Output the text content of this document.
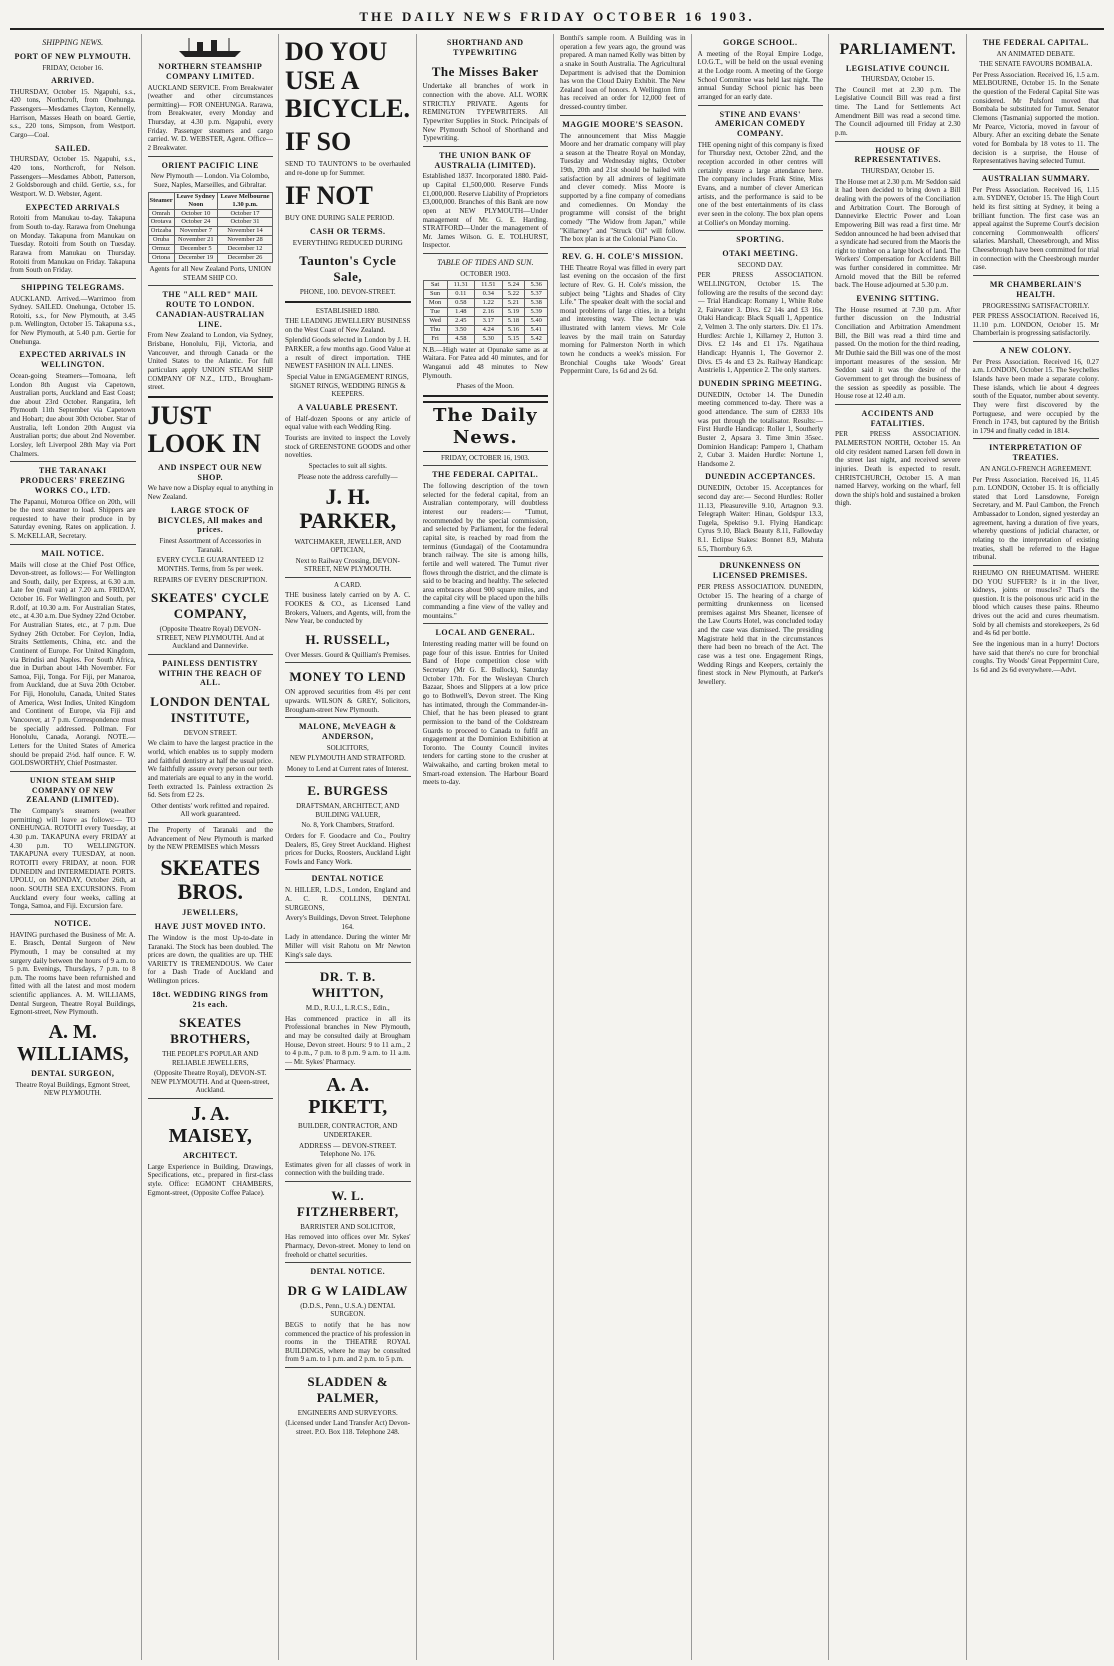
THE DAILY NEWS FRIDAY OCTOBER 16 1903.
SHIPPING NEWS.
PORT OF NEW PLYMOUTH.
FRIDAY, October 16.
ARRIVED.

THURSDAY, October 15. Ngapuhi, s.s., 420 tons, Northcroft, from Onehunga. Passengers—Mesdames Clayton, Kennelly, Harrison, Masses Heath on board. Gertie, s.s., 220 tons, Simpson, from Westport. Cargo—Coal.

SAILED.

THURSDAY, October 15. Ngapuhi, s.s., 420 tons, Northcroft, for Nelson. Passengers—Mesdames Abbott, Patterson, 2 Goldsborough and child. Gertie, s.s., for Westport. W. D. Webster, Agent.

EXPECTED ARRIVALS

Rotoiti from Manukau to-day. Takapuna from South to-day. Rarawa from Onehunga on Monday. Takapuna from Manukau on Tuesday. Rotoiti from South on Tuesday. Rarawa from Manukau on Thursday. Rotoiti from Manukau on Friday. Takapuna from South on Friday.

SHIPPING TELEGRAMS.

AUCKLAND. Arrived.—Warrimoo from Sydney. SAILED. Onehunga, October 15. Rotoiti, s.s., for New Plymouth, at 3.45 p.m. Wellington, October 15. Takapuna s.s., for New Plymouth, at 5.40 p.m. Gertie for Onehunga.

EXPECTED ARRIVALS IN WELLINGTON.

Ocean-going Steamers—Tomoana, left London 8th August via Capetown, Australian ports, Auckland and East Coast; due about 23rd October. Rangatira, left Plymouth 11th September via Capetown and Hobart; due about 30th October. Star of Australia, left London 20th August via Australian ports; due about 2nd November. Lorsley, left Liverpool 28th May via Port Chalmers.

THE TARANAKI PRODUCERS' FREEZING WORKS CO., LTD.

The Papanui, Moturoa Office on 20th, will be the next steamer to load. Shippers are requested to have their produce in by Saturday evening. Rates on application. J. S. McKELLAR, Secretary.

MAIL NOTICE.

Mails will close at the Chief Post Office, Devon-street, as follows:— For Wellington and South, daily, per Express, at 6.30 a.m. Late fee (mail van) at 7.20 a.m. FRIDAY, October 16. For Wellington and South, per R.dolf, at 10.30 a.m. For Australian States, etc., at 4.30 a.m. Due Sydney 22nd October. For Australian States, etc., at 7 p.m. Due Sydney 26th October. For Ceylon, India, Straits Settlements, China, etc. and the Continent of Europe. For United Kingdom, via Brindisi and Naples. For South Africa, due in Durban about 14th November. For Samoa, Fiji, Tonga. For Fiji, per Manaroa, from Auckland, due at Suva 20th October. For Fiji, Honolulu, Canada, United States of America, West Indies, United Kingdom and Continent of Europe, via Fiji and Vancouver, at 7 p.m. Correspondence must be specially addressed. Pollman. For Honolulu, Canada, Aorangi. NOTE.—Letters for the United States of America should be prepaid 2½d. half ounce. F. W. GOLDSWORTHY, Chief Postmaster.

UNION STEAM SHIP COMPANY OF NEW ZEALAND (LIMITED).

The Company's steamers (weather permitting) will leave as follows:— TO ONEHUNGA. ROTOITI every Tuesday, at 4.30 p.m. TAKAPUNA every FRIDAY at 4.30 p.m. TO WELLINGTON. TAKAPUNA every TUESDAY, at noon. ROTOITI every FRIDAY, at noon. FOR DUNEDIN and INTERMEDIATE PORTS. UPOLU, on MONDAY, October 26th, at noon. SOUTH SEA EXCURSIONS. From Auckland every four weeks, calling at Tonga, Samoa, and Fiji. Excursion fare.

NOTICE.

HAVING purchased the Business of Mr. A. E. Brasch, Dental Surgeon of New Plymouth, I may be consulted at my surgery daily between the hours of 9 a.m. to 5 p.m. Evenings, Thursdays, 7 p.m. to 8 p.m. The rooms have been refurnished and fitted with all the latest and most modern scientific appliances. A. M. WILLIAMS, Dental Surgeon, Theatre Royal Buildings, Egmont-street, New Plymouth.

A. M. WILLIAMS,
DENTAL SURGEON,
Theatre Royal Buildings, Egmont Street, NEW PLYMOUTH.
NORTHERN STEAMSHIP COMPANY LIMITED.

AUCKLAND SERVICE. From Breakwater (weather and other circumstances permitting)— FOR ONEHUNGA. Rarawa, from Breakwater, every Monday and Thursday, at 4.30 p.m. Ngapuhi, every Friday. Passenger steamers and cargo carried. W. D. WEBSTER, Agent. Office—2 Breakwater.

ORIENT PACIFIC LINE

New Plymouth — London. Via Colombo, Suez, Naples, Marseilles, and Gibraltar.

Steamer	Leave Sydney Noon	Leave Melbourne 1.30 p.m.
Omrah	October 10	October 17
Orotava	October 24	October 31
Orizaba	November 7	November 14
Oruba	November 21	November 28
Ormuz	December 5	December 12
Ortona	December 19	December 26

Agents for all New Zealand Ports, UNION STEAM SHIP CO.

THE "ALL RED" MAIL ROUTE TO LONDON. CANADIAN-AUSTRALIAN LINE.

From New Zealand to London, via Sydney, Brisbane, Honolulu, Fiji, Victoria, and Vancouver, and through Canada or the United States to the Atlantic. For full particulars apply UNION STEAM SHIP COMPANY OF N.Z., LTD., Brougham-street.

JUST LOOK IN
AND INSPECT OUR NEW SHOP.

We have now a Display equal to anything in New Zealand.

LARGE STOCK OF BICYCLES, All makes and prices.

Finest Assortment of Accessories in Taranaki.

EVERY CYCLE GUARANTEED 12 MONTHS. Terms, from 5s per week.

REPAIRS OF EVERY DESCRIPTION.

SKEATES' CYCLE COMPANY,

(Opposite Theatre Royal) DEVON-STREET, NEW PLYMOUTH. And at Auckland and Dannevirke.

PAINLESS DENTISTRY WITHIN THE REACH OF ALL.
LONDON DENTAL INSTITUTE,
DEVON STREET.

We claim to have the largest practice in the world, which enables us to supply modern and faithful dentistry at half the usual price. We faithfully assure every person our teeth and materials are equal to any in the world. Teeth extracted 1s. Painless extraction 2s 6d. Sets from £2 2s.

Other dentists' work refitted and repaired. All work guaranteed.

The Property of Taranaki and the Advancement of New Plymouth is marked by the NEW PREMISES which Messrs

SKEATES BROS.
JEWELLERS,
HAVE JUST MOVED INTO.

The Window is the most Up-to-date in Taranaki. The Stock has been doubled. The prices are down, the qualities are up. THE VARIETY IS TREMENDOUS. We Cater for a Dash Trade of Auckland and Wellington prices.

18ct. WEDDING RINGS from 21s each.
SKEATES BROTHERS,
THE PEOPLE'S POPULAR AND RELIABLE JEWELLERS,

(Opposite Theatre Royal), DEVON-ST. NEW PLYMOUTH. And at Queen-street, Auckland.

J. A. MAISEY,
ARCHITECT.

Large Experience in Building, Drawings, Specifications, etc., prepared in first-class style. Office: EGMONT CHAMBERS, Egmont-street, (Opposite Coffee Palace).

DO YOU USE A BICYCLE.
IF SO

SEND TO TAUNTON'S to be overhauled and re-done up for Summer.

IF NOT

BUY ONE DURING SALE PERIOD.

CASH OR TERMS.

EVERYTHING REDUCED DURING

Taunton's Cycle Sale,

PHONE, 100. DEVON-STREET.

ESTABLISHED 1880.

THE LEADING JEWELLERY BUSINESS on the West Coast of New Zealand.

Splendid Goods selected in London by J. H. PARKER, a few months ago. Good Value at a result of direct importation. THE NEWEST FASHION IN ALL LINES.

Special Value in ENGAGEMENT RINGS, SIGNET RINGS, WEDDING RINGS & KEEPERS.

A VALUABLE PRESENT.

of Half-dozen Spoons or any article of equal value with each Wedding Ring.

Tourists are invited to inspect the Lovely stock of GREENSTONE GOODS and other novelties.

Spectacles to suit all sights.

Please note the address carefully—

J. H. PARKER,
WATCHMAKER, JEWELLER, AND OPTICIAN,

Next to Railway Crossing, DEVON-STREET, NEW PLYMOUTH.

A CARD.

THE business lately carried on by A. C. FOOKES & CO., as Licensed Land Brokers, Valuers, and Agents, will, from the New Year, be conducted by

H. RUSSELL,

Over Messrs. Gourd & Quilliam's Premises.

MONEY TO LEND

ON approved securities from 4½ per cent upwards. WILSON & GREY, Solicitors, Brougham-street New Plymouth.

MALONE, McVEAGH & ANDERSON,
SOLICITORS,
NEW PLYMOUTH AND STRATFORD.

Money to Lend at Current rates of Interest.

E. BURGESS
DRAFTSMAN, ARCHITECT, AND BUILDING VALUER,
No. 8, York Chambers, Stratford.

Orders for F. Goodacre and Co., Poultry Dealers, 85, Grey Street Auckland. Highest prices for Ducks, Roosters, Auckland Light Fowls and Fancy Work.

DENTAL NOTICE

N. HILLER, L.D.S., London, England and A. C. R. COLLINS, DENTAL SURGEONS,

Avery's Buildings, Devon Street. Telephone 164.

Lady in attendance. During the winter Mr Miller will visit Rahotu on Mr Newton King's sale days.

DR. T. B. WHITTON,
M.D., R.U.I., L.R.C.S., Edin.,

Has commenced practice in all its Professional branches in New Plymouth, and may be consulted daily at Brougham House, Devon street. Hours: 9 to 11 a.m., 2 to 4 p.m., 7 p.m. to 8 p.m. 9 a.m. to 11 a.m. — Mr. Sykes' Pharmacy.

A. A. PIKETT,
BUILDER, CONTRACTOR, AND UNDERTAKER.

ADDRESS — DEVON-STREET. Telephone No. 176.

Estimates given for all classes of work in connection with the building trade.

W. L. FITZHERBERT,
BARRISTER AND SOLICITOR,

Has removed into offices over Mr. Sykes' Pharmacy, Devon-street. Money to lend on freehold or chattel securities.

DENTAL NOTICE.
DR G W LAIDLAW
(D.D.S., Penn., U.S.A.) DENTAL SURGEON.

BEGS to notify that he has now commenced the practice of his profession in rooms in the THEATRE ROYAL BUILDINGS, where he may be consulted from 9 a.m. to 1 p.m. and 2 p.m. to 5 p.m.

SLADDEN & PALMER,
ENGINEERS AND SURVEYORS.

(Licensed under Land Transfer Act) Devon-street. P.O. Box 118. Telephone 248.

SHORTHAND AND TYPEWRITING
The Misses Baker

Undertake all branches of work in connection with the above. ALL WORK STRICTLY PRIVATE. Agents for REMINGTON TYPEWRITERS. All Typewriter Supplies in Stock. Principals of New Plymouth School of Shorthand and Typewriting.

THE UNION BANK OF AUSTRALIA (LIMITED).

Established 1837. Incorporated 1880. Paid-up Capital £1,500,000. Reserve Funds £1,000,000. Reserve Liability of Proprietors £3,000,000. Branches of this Bank are now open at NEW PLYMOUTH—Under management of Mr. G. E. Harding. STRATFORD—Under the management of Mr. James Wilson. G. E. TOLHURST, Inspector.

TABLE OF TIDES AND SUN.
OCTOBER 1903.
Sat	11.31	11.51	5.24	5.36
Sun	0.11	0.34	5.22	5.37
Mon	0.58	1.22	5.21	5.38
Tue	1.48	2.16	5.19	5.39
Wed	2.45	3.17	5.18	5.40
Thu	3.50	4.24	5.16	5.41
Fri	4.58	5.30	5.15	5.42

N.B.—High water at Opunake same as at Waitara. For Patea add 40 minutes, and for Wanganui add 48 minutes to New Plymouth.

Phases of the Moon.
The Daily News.
FRIDAY, OCTOBER 16, 1903.
THE FEDERAL CAPITAL.

The following description of the town selected for the federal capital, from an Australian contemporary, will doubtless interest our readers:— "Tumut, recommended by the special commission, and selected by Parliament, for the federal capital site, is reached by road from the terminus (Gundagai) of the Cootamundra branch railway. The site is among hills, fertile and well watered. The Tumut river flows through the district, and the climate is said to be bracing and healthy. The selected area embraces about 900 square miles, and the capital city will be placed upon the hills commanding a fine view of the valley and mountains."

LOCAL AND GENERAL.

Interesting reading matter will be found on page four of this issue. Entries for United Band of Hope competition close with Secretary (Mr G. E. Bullock), Saturday October 17th. For the Wesleyan Church Bazaar, Shoes and Slippers at a low price go to Bothwell's, Devon street. The King has intimated, through the Commander-in-Chief, that he has been pleased to grant permission to the band of the Coldstream Guards to proceed to Canada to fulfil an engagement at the Dominion Exhibition at Toronto. The County Council invites tenders for carting stone to the crusher at Waiwakaiho, and carting broken metal to Smart-road extension. The Harbour Board meets to-day.

Bonthi's sample room. A Building was in operation a few years ago, the ground was prepared. A man named Kelly was bitten by a snake in South Australia. The Agricultural Department is advised that the Dominion has won the Cloud Dairy Exhibit. The New Zealand loan of honors. A Wellington firm has received an order for 12,000 feet of dressed-country timber.

MAGGIE MOORE'S SEASON.

The announcement that Miss Maggie Moore and her dramatic company will play a season at the Theatre Royal on Monday, Tuesday and Wednesday nights, October 19th, 20th and 21st should be hailed with satisfaction by all admirers of legitimate and clever comedy. Miss Moore is supported by a fine company of comedians and comediennes. On Monday the programme will consist of the bright comedy "The Widow from Japan," while "Killarney" and "Struck Oil" will follow. The box plan is at the Colonial Piano Co.

REV. G. H. COLE'S MISSION.

THE Theatre Royal was filled in every part last evening on the occasion of the first lecture of Rev. G. H. Cole's mission, the subject being "Lights and Shades of City Life." The speaker dealt with the social and moral problems of large cities, in a bright and interesting way. The lecture was illustrated with lantern views. Mr Cole leaves by the mail train on Saturday morning for Palmerston North in which town he conducts a week's mission. For Bronchial Coughs take Woods' Great Peppermint Cure, 1s 6d and 2s 6d.

GORGE SCHOOL.

A meeting of the Royal Empire Lodge, I.O.G.T., will be held on the usual evening at the Lodge room. A meeting of the Gorge School Committee was held last night. The annual Sunday School picnic has been arranged for an early date.

STINE AND EVANS' AMERICAN COMEDY COMPANY.

THE opening night of this company is fixed for Thursday next, October 22nd, and the reception accorded in other centres will certainly ensure a large attendance here. The company includes Frank Stine, Miss Evans, and a number of clever American artists, and the performance is said to be one of the best entertainments of its class ever seen in the colony. The box plan opens at Collier's on Monday morning.

SPORTING.
OTAKI MEETING.
SECOND DAY.

PER PRESS ASSOCIATION. WELLINGTON, October 15. The following are the results of the second day:— Trial Handicap: Romany 1, White Robe 2, Fairwater 3. Divs. £2 14s and £3 16s. Otaki Handicap: Black Squall 1, Appentice 2, Velmen 3. The only starters. Div. £1 17s. Hurdles: Archie 1, Killarney 2, Hutton 3. Divs. £2 14s and £1 17s. Ngatihaua Handicap: Hyannis 1, The Governor 2. Divs. £5 4s and £3 2s. Railway Handicap: Austrielis 1, Appentice 2. The only starters.

DUNEDIN SPRING MEETING.

DUNEDIN, October 14. The Dunedin meeting commenced to-day. There was a good attendance. The sum of £2833 10s was put through the totalisator. Results:— First Hurdle Handicap: Roller 1, Southerly Buster 2, Apsara 3. Time 3min 35sec. Dominion Handicap: Pampero 1, Chatham 2, Cubar 3. Maiden Hurdle: Nortune 1, Handsome 2.

DUNEDIN ACCEPTANCES.

DUNEDIN, October 15. Acceptances for second day are:— Second Hurdles: Roller 11.13, Pleasureville 9.10, Artagnon 9.3. Telegraph Waiter: Hinau, Goldspur 13.3, Tugela, Spektiso 9.1. Flying Handicap: Cyrus 9.10, Black Beauty 8.11, Fallowday 8.1. Eclipse Stakes: Bonnet 8.9, Mahuta 6.5, Thornbury 6.9.

DRUNKENNESS ON LICENSED PREMISES.

PER PRESS ASSOCIATION. DUNEDIN, October 15. The hearing of a charge of permitting drunkenness on licensed premises against Mrs Sheaner, licensee of the Law Courts Hotel, was concluded today and the case was dismissed. The presiding Magistrate held that in the circumstances there had been no breach of the Act. The case was a test one. Engagement Rings, Wedding Rings and Keepers, certainly the finest stock in New Plymouth, at Parker's Jewellery.

PARLIAMENT.
LEGISLATIVE COUNCIL
THURSDAY, October 15.

The Council met at 2.30 p.m. The Legislative Council Bill was read a first time. The Land for Settlements Act Amendment Bill was read a second time. The Council adjourned till Friday at 2.30 p.m.

HOUSE OF REPRESENTATIVES.
THURSDAY, October 15.

The House met at 2.30 p.m. Mr Seddon said it had been decided to bring down a Bill dealing with the powers of the Conciliation and Arbitration Court. The Borough of Dannevirke Electric Power and Loan Empowering Bill was read a first time. Mr Seddon announced he had been advised that a syndicate had secured from the Maoris the right to timber on a large block of land. The Workers' Compensation for Accidents Bill was further considered in committee. Mr Arnold moved that the Bill be referred back. The House adjourned at 5.30 p.m.

EVENING SITTING.

The House resumed at 7.30 p.m. After further discussion on the Industrial Conciliation and Arbitration Amendment Bill, the Bill was read a third time and passed. On the motion for the third reading, Mr Duthie said the Bill was one of the most important measures of the session. Mr Seddon said it was the desire of the Government to get through the business of the session as speedily as possible. The House rose at 12.40 a.m.

ACCIDENTS AND FATALITIES.

PER PRESS ASSOCIATION. PALMERSTON NORTH, October 15. An old city resident named Larsen fell down in the street last night, and received severe injuries. Death is expected to result. CHRISTCHURCH, October 15. A man named Harvey, working on the wharf, fell down the ship's hold and sustained a broken thigh.

THE FEDERAL CAPITAL.
AN ANIMATED DEBATE.
THE SENATE FAVOURS BOMBALA.

Per Press Association. Received 16, 1.5 a.m. MELBOURNE, October 15. In the Senate the question of the Federal Capital Site was considered. Mr Pulsford moved that Bombala be substituted for Tumut. Senator Clemons (Tasmania) supported the motion. Mr Pearce, Victoria, moved in favour of Albury. After an exciting debate the Senate voted for Bombala by 18 votes to 11. The decision is a surprise, the House of Representatives having selected Tumut.

AUSTRALIAN SUMMARY.

Per Press Association. Received 16, 1.15 a.m. SYDNEY, October 15. The High Court held its first sitting at Sydney, it being a brilliant function. The first case was an appeal against the Supreme Court's decision concerning Commonwealth officers' salaries. Marshall, Cheesebrough, and Miss Cheesebrough have been committed for trial in connection with the Cheesbrough murder case.

MR CHAMBERLAIN'S HEALTH.
PROGRESSING SATISFACTORILY.

PER PRESS ASSOCIATION. Received 16, 11.10 p.m. LONDON, October 15. Mr Chamberlain is progressing satisfactorily.

A NEW COLONY.

Per Press Association. Received 16, 0.27 a.m. LONDON, October 15. The Seychelles Islands have been made a separate colony. These islands, which lie about 4 degrees south of the Equator, number about seventy. They were first discovered by the Portuguese, and were occupied by the French in 1743, but captured by the British in 1794 and finally ceded in 1814.

INTERPRETATION OF TREATIES.
AN ANGLO-FRENCH AGREEMENT.

Per Press Association. Received 16, 11.45 p.m. LONDON, October 15. It is officially stated that Lord Lansdowne, Foreign Secretary, and M. Paul Cambon, the French Ambassador to London, signed yesterday an agreement, having a duration of five years, whereby questions of judicial character, or relating to the interpretation of existing treaties, shall be referred to the Hague tribunal.

RHEUMO ON RHEUMATISM. WHERE DO YOU SUFFER? Is it in the liver, kidneys, joints or muscles? That's the question. It is the poisonous uric acid in the blood which causes these pains. Rheumo drives out the acid and cures rheumatism. Sold by all chemists and storekeepers, 2s 6d and 4s 6d per bottle.

See the ingenious man in a hurry! Doctors have said that there's no cure for bronchial coughs. Try Woods' Great Peppermint Cure, 1s 6d and 2s 6d everywhere.—Advt.
